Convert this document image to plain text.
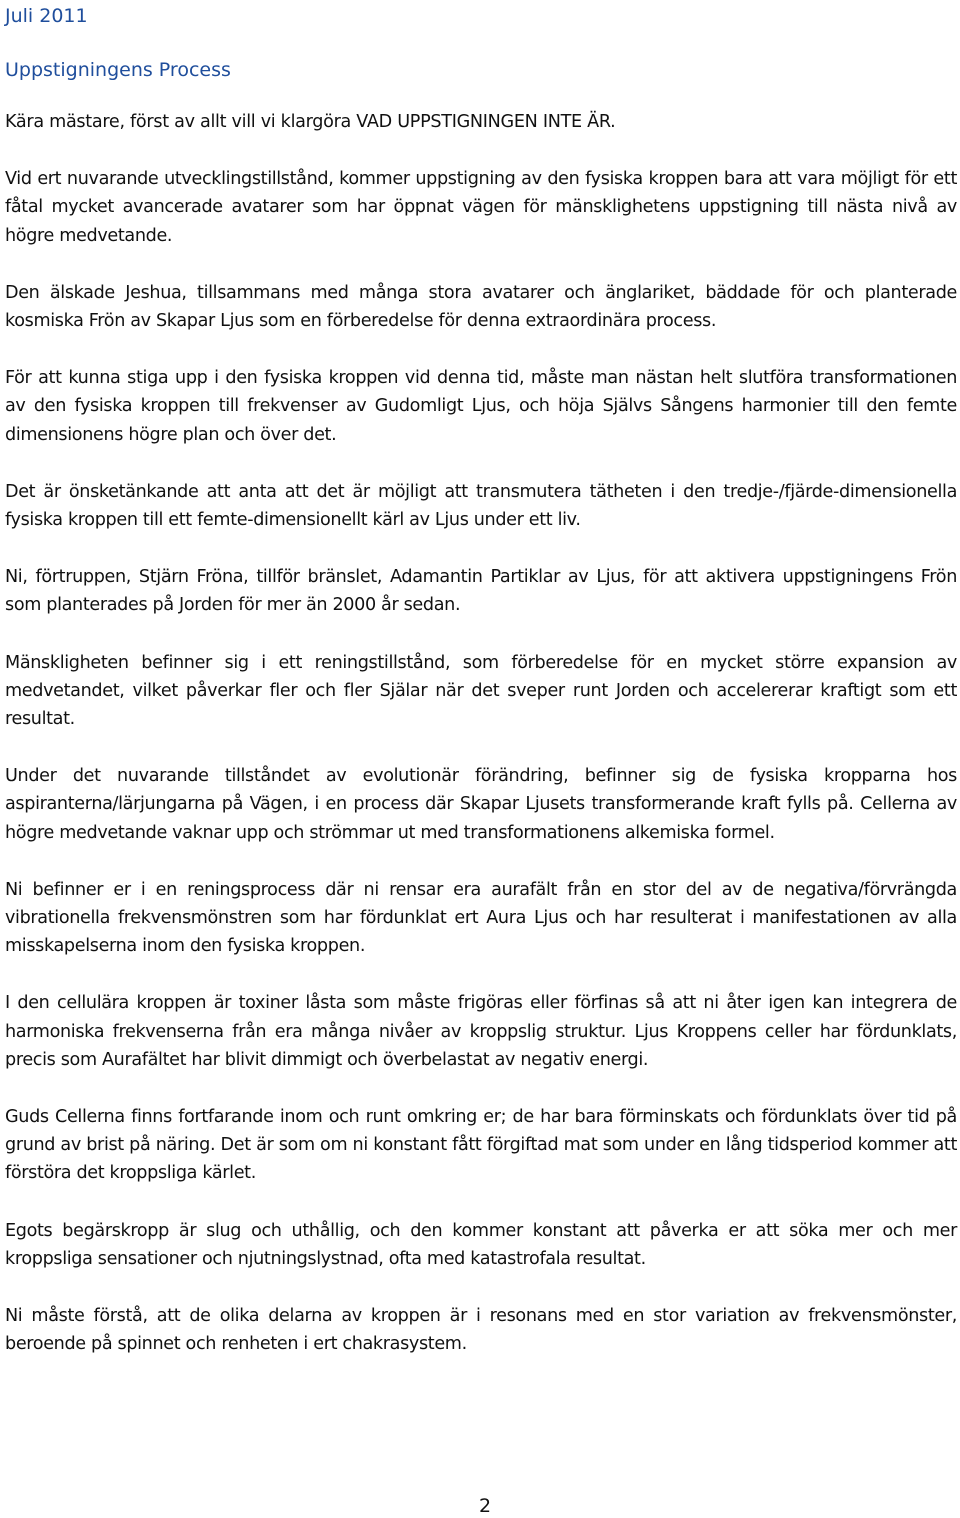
Juli 2011
Uppstigningens Process

Kära mästare, först av allt vill vi klargöra VAD UPPSTIGNINGEN INTE ÄR.

Vid ert nuvarande utvecklingstillstånd, kommer uppstigning av den fysiska kroppen bara att vara möjligt för ett fåtal mycket avancerade avatarer som har öppnat vägen för mänsklighetens uppstigning till nästa nivå av högre medvetande.

Den älskade Jeshua, tillsammans med många stora avatarer och änglariket, bäddade för och planterade kosmiska Frön av Skapar Ljus som en förberedelse för denna extraordinära process.

För att kunna stiga upp i den fysiska kroppen vid denna tid, måste man nästan helt slutföra transformationen av den fysiska kroppen till frekvenser av Gudomligt Ljus, och höja Självs Sångens harmonier till den femte dimensionens högre plan och över det.

Det är önsketänkande att anta att det är möjligt att transmutera tätheten i den tredje-/fjärde-dimensionella fysiska kroppen till ett femte-dimensionellt kärl av Ljus under ett liv.

Ni, förtruppen, Stjärn Fröna, tillför bränslet, Adamantin Partiklar av Ljus, för att aktivera uppstigningens Frön som planterades på Jorden för mer än 2000 år sedan.

Mänskligheten befinner sig i ett reningstillstånd, som förberedelse för en mycket större expansion av medvetandet, vilket påverkar fler och fler Själar när det sveper runt Jorden och accelererar kraftigt som ett resultat.

Under det nuvarande tillståndet av evolutionär förändring, befinner sig de fysiska kropparna hos aspiranterna/lärjungarna på Vägen, i en process där Skapar Ljusets transformerande kraft fylls på. Cellerna av högre medvetande vaknar upp och strömmar ut med transformationens alkemiska formel.

Ni befinner er i en reningsprocess där ni rensar era aurafält från en stor del av de negativa/förvrängda vibrationella frekvensmönstren som har fördunklat ert Aura Ljus och har resulterat i manifestationen av alla misskapelserna inom den fysiska kroppen.

I den cellulära kroppen är toxiner låsta som måste frigöras eller förfinas så att ni åter igen kan integrera de harmoniska frekvenserna från era många nivåer av kroppslig struktur. Ljus Kroppens celler har fördunklats, precis som Aurafältet har blivit dimmigt och överbelastat av negativ energi.

Guds Cellerna finns fortfarande inom och runt omkring er; de har bara förminskats och fördunklats över tid på grund av brist på näring. Det är som om ni konstant fått förgiftad mat som under en lång tidsperiod kommer att förstöra det kroppsliga kärlet.

Egots begärskropp är slug och uthållig, och den kommer konstant att påverka er att söka mer och mer kroppsliga sensationer och njutningslystnad, ofta med katastrofala resultat.

Ni måste förstå, att de olika delarna av kroppen är i resonans med en stor variation av frekvensmönster, beroende på spinnet och renheten i ert chakrasystem.

2
